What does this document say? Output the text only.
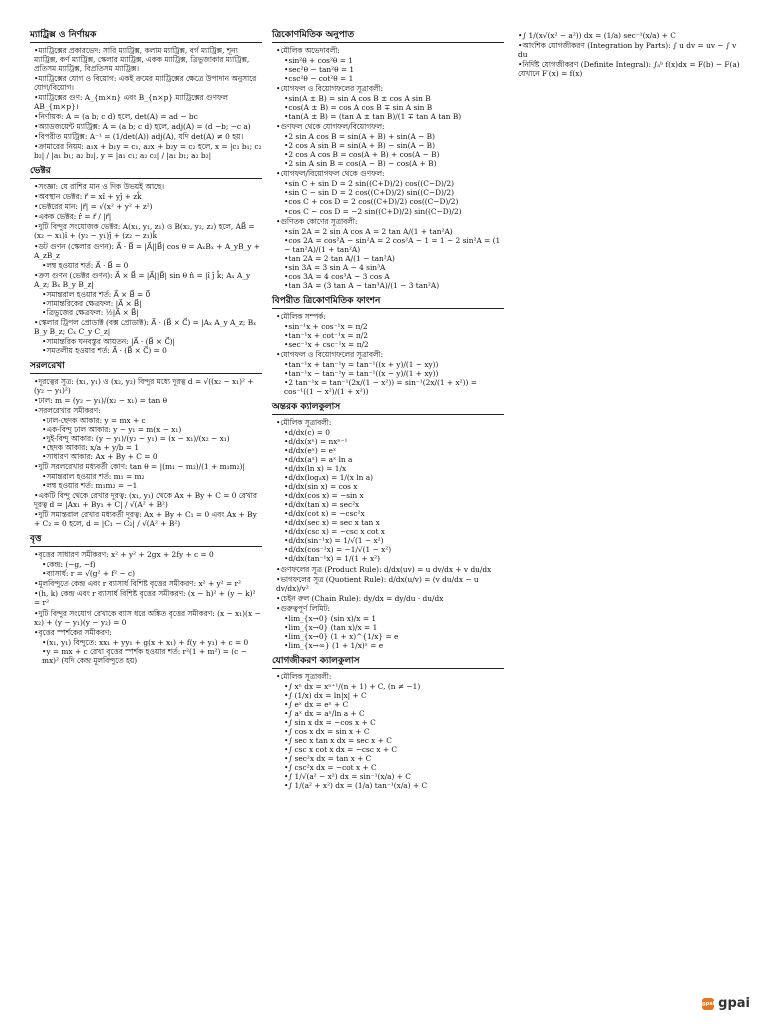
ম্যাট্রিক্স ও নির্ণায়ক
• ম্যাট্রিক্সের প্রকারভেদ: সারি ম্যাট্রিক্স, কলাম ম্যাট্রিক্স, বর্গ ম্যাট্রিক্স, শূন্য ম্যাট্রিক্স, কর্ণ ম্যাট্রিক্স, স্কেলার ম্যাট্রিক্স, একক ম্যাট্রিক্স, ত্রিভুজাকার ম্যাট্রিক্স, প্রতিসম ম্যাট্রিক্স, বিপ্রতিসম ম্যাট্রিক্স।
• ম্যাট্রিক্সের যোগ ও বিয়োগ: একই ক্রমের ম্যাট্রিক্সের ক্ষেত্রে উপাদান অনুসারে যোগ/বিয়োগ।
• ম্যাট্রিক্সের গুণ: A_{m×n} এবং B_{n×p} ম্যাট্রিক্সের গুণফল AB_{m×p}।
• নির্ণায়ক: A = (a b; c d) হলে, det(A) = ad − bc
• অ্যাডজয়েন্ট ম্যাট্রিক্স: A = (a b; c d) হলে, adj(A) = (d −b; −c a)
• বিপরীত ম্যাট্রিক্স: A⁻¹ = (1/det(A)) adj(A), যদি det(A) ≠ 0 হয়।
• ক্রামারের নিয়ম: a₁x + b₁y = c₁, a₂x + b₂y = c₂ হলে, x = |c₁ b₁; c₂ b₂| / |a₁ b₁; a₂ b₂|, y = |a₁ c₁; a₂ c₂| / |a₁ b₁; a₂ b₂|
ভেক্টর
• সংজ্ঞা: যে রাশির মান ও দিক উভয়ই আছে।
• অবস্থান ভেক্টর: r⃗ = xî + yĵ + zk̂
• ভেক্টরের মান: |r⃗| = √(x² + y² + z²)
• একক ভেক্টর: r̂ = r⃗ / |r⃗|
• দুটি বিন্দুর সংযোজক ভেক্টর: A(x₁, y₁, z₁) ও B(x₂, y₂, z₂) হলে, AB⃗ = (x₂ − x₁)î + (y₂ − y₁)ĵ + (z₂ − z₁)k̂
• ডট গুণন (স্কেলার গুণন): A⃗ · B⃗ = |A⃗||B⃗| cos θ = AₓBₓ + A_yB_y + A_zB_z
• লম্ব হওয়ার শর্ত: A⃗ · B⃗ = 0
• ক্রস গুণন (ভেক্টর গুণন): A⃗ × B⃗ = |A⃗||B⃗| sin θ n̂ = |î ĵ k̂; Aₓ A_y A_z; Bₓ B_y B_z|
• সমান্তরাল হওয়ার শর্ত: A⃗ × B⃗ = 0⃗
• সামান্তরিকের ক্ষেত্রফল: |A⃗ × B⃗|
• ত্রিভুজের ক্ষেত্রফল: ½|A⃗ × B⃗|
• স্কেলার ট্রিপল প্রোডাক্ট (বক্স প্রোডাক্ট): A⃗ · (B⃗ × C⃗) = |Aₓ A_y A_z; Bₓ B_y B_z; Cₓ C_y C_z|
• সামান্তরিক ঘনবস্তুর আয়তন: |A⃗ · (B⃗ × C⃗)|
• সমতলীয় হওয়ার শর্ত: A⃗ · (B⃗ × C⃗) = 0
সরলরেখা
• দূরত্বের সূত্র: (x₁, y₁) ও (x₂, y₂) বিন্দুর মধ্যে দূরত্ব d = √((x₂ − x₁)² + (y₂ − y₁)²)
• ঢাল: m = (y₂ − y₁)/(x₂ − x₁) = tan θ
• সরলরেখার সমীকরণ:
• ঢাল-ছেদক আকার: y = mx + c
• এক-বিন্দু ঢাল আকার: y − y₁ = m(x − x₁)
• দুই-বিন্দু আকার: (y − y₁)/(y₂ − y₁) = (x − x₁)/(x₂ − x₁)
• ছেদক আকার: x/a + y/b = 1
• সাধারণ আকার: Ax + By + C = 0
• দুটি সরলরেখার মধ্যবর্তী কোণ: tan θ = |(m₁ − m₂)/(1 + m₁m₂)|
• সমান্তরাল হওয়ার শর্ত: m₁ = m₂
• লম্ব হওয়ার শর্ত: m₁m₂ = −1
• একটি বিন্দু থেকে রেখার দূরত্ব: (x₁, y₁) থেকে Ax + By + C = 0 রেখার দূরত্ব d = |Ax₁ + By₁ + C| / √(A² + B²)
• দুটি সমান্তরাল রেখার মধ্যবর্তী দূরত্ব: Ax + By + C₁ = 0 এবং Ax + By + C₂ = 0 হলে, d = |C₁ − C₂| / √(A² + B²)
বৃত্ত
• বৃত্তের সাধারণ সমীকরণ: x² + y² + 2gx + 2fy + c = 0
• কেন্দ্র: (−g, −f)
• ব্যাসার্ধ: r = √(g² + f² − c)
• মূলবিন্দুতে কেন্দ্র এবং r ব্যাসার্ধ বিশিষ্ট বৃত্তের সমীকরণ: x² + y² = r²
• (h, k) কেন্দ্র এবং r ব্যাসার্ধ বিশিষ্ট বৃত্তের সমীকরণ: (x − h)² + (y − k)² = r²
• দুটি বিন্দুর সংযোগ রেখাকে ব্যাস ধরে অঙ্কিত বৃত্তের সমীকরণ: (x − x₁)(x − x₂) + (y − y₁)(y − y₂) = 0
• বৃত্তের স্পর্শকের সমীকরণ:
• (x₁, y₁) বিন্দুতে: xx₁ + yy₁ + g(x + x₁) + f(y + y₁) + c = 0
• y = mx + c রেখা বৃত্তের স্পর্শক হওয়ার শর্ত: r²(1 + m²) = (c − mx)² (যদি কেন্দ্র মূলবিন্দুতে হয়)
ত্রিকোণমিতিক অনুপাত
• মৌলিক অভেদাবলী:
• sin²θ + cos²θ = 1
• sec²θ − tan²θ = 1
• csc²θ − cot²θ = 1
• যোগফল ও বিয়োগফলের সূত্রাবলী:
• sin(A ± B) = sin A cos B ± cos A sin B
• cos(A ± B) = cos A cos B ∓ sin A sin B
• tan(A ± B) = (tan A ± tan B)/(1 ∓ tan A tan B)
• গুণফল থেকে যোগফল/বিয়োগফল:
• 2 sin A cos B = sin(A + B) + sin(A − B)
• 2 cos A sin B = sin(A + B) − sin(A − B)
• 2 cos A cos B = cos(A + B) + cos(A − B)
• 2 sin A sin B = cos(A − B) − cos(A + B)
• যোগফল/বিয়োগফল থেকে গুণফল:
• sin C + sin D = 2 sin((C+D)/2) cos((C−D)/2)
• sin C − sin D = 2 cos((C+D)/2) sin((C−D)/2)
• cos C + cos D = 2 cos((C+D)/2) cos((C−D)/2)
• cos C − cos D = −2 sin((C+D)/2) sin((C−D)/2)
• গুণিতক কোণের সূত্রাবলী:
• sin 2A = 2 sin A cos A = 2 tan A/(1 + tan²A)
• cos 2A = cos²A − sin²A = 2 cos²A − 1 = 1 − 2 sin²A = (1 − tan²A)/(1 + tan²A)
• tan 2A = 2 tan A/(1 − tan²A)
• sin 3A = 3 sin A − 4 sin³A
• cos 3A = 4 cos³A − 3 cos A
• tan 3A = (3 tan A − tan³A)/(1 − 3 tan²A)
বিপরীত ত্রিকোণমিতিক ফাংশন
• মৌলিক সম্পর্ক:
• sin⁻¹x + cos⁻¹x = π/2
• tan⁻¹x + cot⁻¹x = π/2
• sec⁻¹x + csc⁻¹x = π/2
• যোগফল ও বিয়োগফলের সূত্রাবলী:
• tan⁻¹x + tan⁻¹y = tan⁻¹((x + y)/(1 − xy))
• tan⁻¹x − tan⁻¹y = tan⁻¹((x − y)/(1 + xy))
• 2 tan⁻¹x = tan⁻¹(2x/(1 − x²)) = sin⁻¹(2x/(1 + x²)) = cos⁻¹((1 − x²)/(1 + x²))
অন্তরক ক্যালকুলাস
• মৌলিক সূত্রাবলী:
• d/dx(c) = 0
• d/dx(xⁿ) = nxⁿ⁻¹
• d/dx(eˣ) = eˣ
• d/dx(aˣ) = aˣ ln a
• d/dx(ln x) = 1/x
• d/dx(logₐx) = 1/(x ln a)
• d/dx(sin x) = cos x
• d/dx(cos x) = −sin x
• d/dx(tan x) = sec²x
• d/dx(cot x) = −csc²x
• d/dx(sec x) = sec x tan x
• d/dx(csc x) = −csc x cot x
• d/dx(sin⁻¹x) = 1/√(1 − x²)
• d/dx(cos⁻¹x) = −1/√(1 − x²)
• d/dx(tan⁻¹x) = 1/(1 + x²)
• গুণফলের সূত্র (Product Rule): d/dx(uv) = u dv/dx + v du/dx
• ভাগফলের সূত্র (Quotient Rule): d/dx(u/v) = (v du/dx − u dv/dx)/v²
• চেইন রুল (Chain Rule): dy/dx = dy/du · du/dx
• গুরুত্বপূর্ণ লিমিট:
• lim_{x→0} (sin x)/x = 1
• lim_{x→0} (tan x)/x = 1
• lim_{x→0} (1 + x)^{1/x} = e
• lim_{x→∞} (1 + 1/x)ˣ = e
যোগজীকরণ ক্যালকুলাস
• মৌলিক সূত্রাবলী:
• ∫ xⁿ dx = xⁿ⁺¹/(n + 1) + C, (n ≠ −1)
• ∫ (1/x) dx = ln|x| + C
• ∫ eˣ dx = eˣ + C
• ∫ aˣ dx = aˣ/ln a + C
• ∫ sin x dx = −cos x + C
• ∫ cos x dx = sin x + C
• ∫ sec x tan x dx = sec x + C
• ∫ csc x cot x dx = −csc x + C
• ∫ sec²x dx = tan x + C
• ∫ csc²x dx = −cot x + C
• ∫ 1/√(a² − x²) dx = sin⁻¹(x/a) + C
• ∫ 1/(a² + x²) dx = (1/a) tan⁻¹(x/a) + C
• ∫ 1/(x√(x² − a²)) dx = (1/a) sec⁻¹(x/a) + C
• আংশিক যোগজীকরণ (Integration by Parts): ∫ u dv = uv − ∫ v du
• নির্দিষ্ট যোগজীকরণ (Definite Integral): ∫ₐᵇ f(x)dx = F(b) − F(a) যেখানে F′(x) = f(x)
gpai gpai
